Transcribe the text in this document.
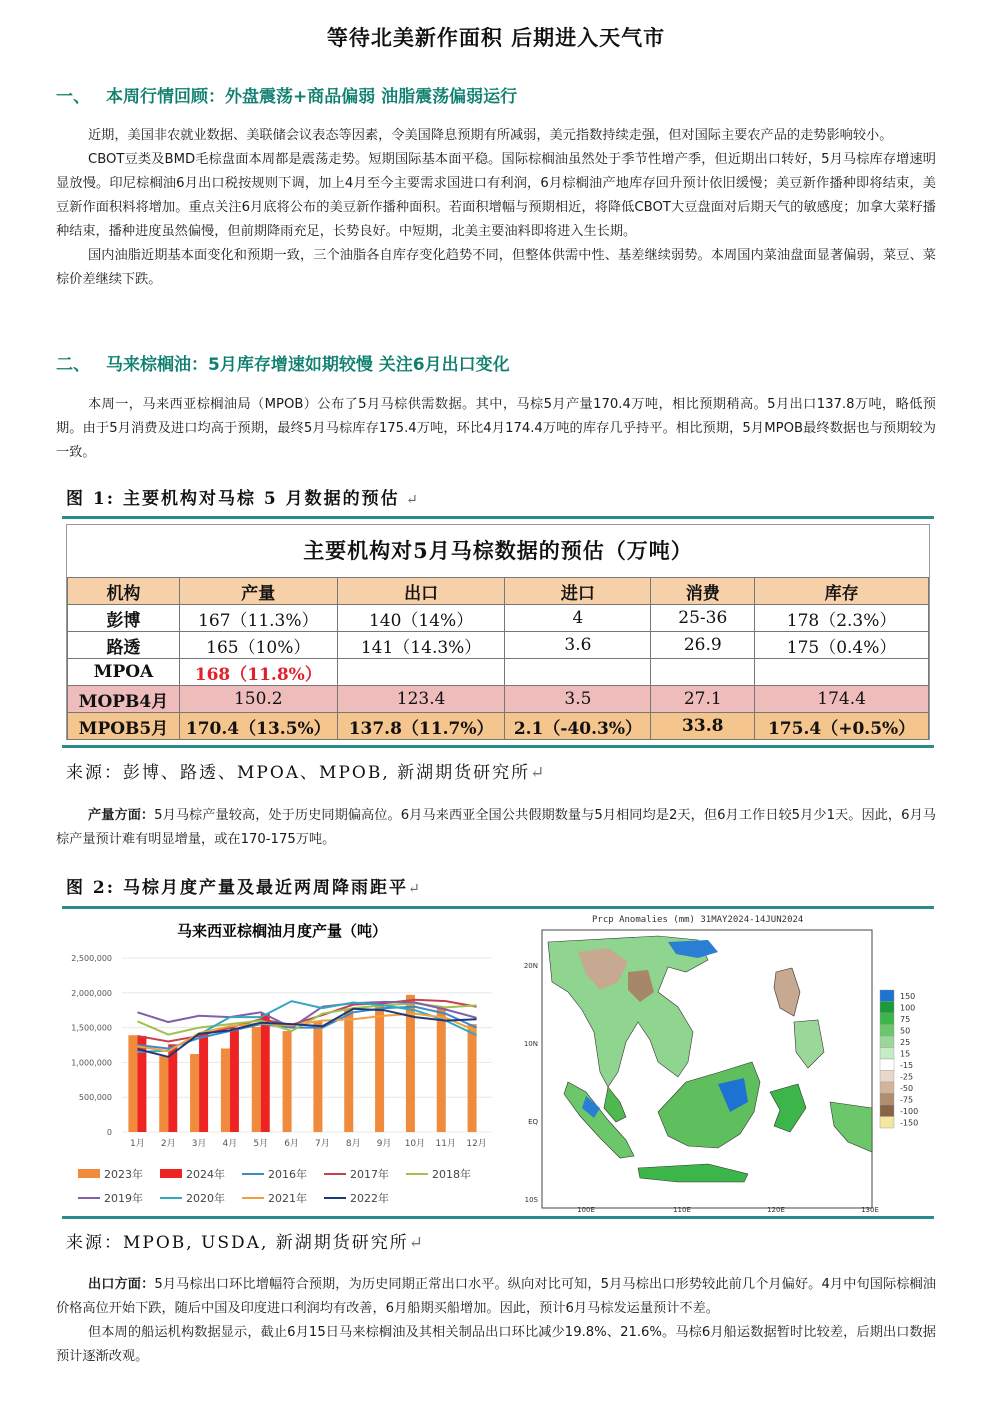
等待北美新作面积 后期进入天气市
一、 本周行情回顾：外盘震荡+商品偏弱 油脂震荡偏弱运行

近期，美国非农就业数据、美联储会议表态等因素，令美国降息预期有所减弱，美元指数持续走强，但对国际主要农产品的走势影响较小。

CBOT豆类及BMD毛棕盘面本周都是震荡走势。短期国际基本面平稳。国际棕榈油虽然处于季节性增产季，但近期出口转好，5月马棕库存增速明显放慢。印尼棕榈油6月出口税按规则下调，加上4月至今主要需求国进口有利润，6月棕榈油产地库存回升预计依旧缓慢；美豆新作播种即将结束，美豆新作面积料将增加。重点关注6月底将公布的美豆新作播种面积。若面积增幅与预期相近，将降低CBOT大豆盘面对后期天气的敏感度；加拿大菜籽播种结束，播种进度虽然偏慢，但前期降雨充足，长势良好。中短期，北美主要油料即将进入生长期。

国内油脂近期基本面变化和预期一致，三个油脂各自库存变化趋势不同，但整体供需中性、基差继续弱势。本周国内菜油盘面显著偏弱，菜豆、菜棕价差继续下跌。

二、 马来棕榈油：5月库存增速如期较慢 关注6月出口变化

本周一，马来西亚棕榈油局（MPOB）公布了5月马棕供需数据。其中，马棕5月产量170.4万吨，相比预期稍高。5月出口137.8万吨，略低预期。由于5月消费及进口均高于预期，最终5月马棕库存175.4万吨，环比4月174.4万吨的库存几乎持平。相比预期，5月MPOB最终数据也与预期较为一致。

图 1: 主要机构对马棕 5 月数据的预估 ↵
主要机构对5月马棕数据的预估（万吨）
机构	产量	出口	进口	消费	库存
彭博	167（11.3%）	140（14%）	4	25-36	178（2.3%）
路透	165（10%）	141（14.3%）	3.6	26.9	175（0.4%）
MPOA	168（11.8%）				
MOPB4月	150.2	123.4	3.5	27.1	174.4
MPOB5月	170.4（13.5%）	137.8（11.7%）	2.1（-40.3%）	33.8	175.4（+0.5%）
来源：彭博、路透、MPOA、MPOB, 新湖期货研究所↵

产量方面：5月马棕产量较高，处于历史同期偏高位。6月马来西亚全国公共假期数量与5月相同均是2天，但6月工作日较5月少1天。因此，6月马棕产量预计难有明显增量，或在170-175万吨。

图 2: 马棕月度产量及最近两周降雨距平↵
马来西亚棕榈油月度产量（吨）
0
500,000
1,000,000
1,500,000
2,000,000
2,500,000
1月 2月 3月 4月 5月 6月 7月 8月 9月 10月 11月 12月
2023年	2024年	2016年	2017年	2018年
2019年	2020年	2021年	2022年
Prcp Anomalies (mm) 31MAY2024-14JUN2024
20N
10N
EQ
10S
100E	110E	120E	130E
150
100
75
50
25
15
-15
-25
-50
-75
-100
-150
来源：MPOB, USDA, 新湖期货研究所↵

出口方面：5月马棕出口环比增幅符合预期，为历史同期正常出口水平。纵向对比可知，5月马棕出口形势较此前几个月偏好。4月中旬国际棕榈油价格高位开始下跌，随后中国及印度进口利润均有改善，6月船期买船增加。因此，预计6月马棕发运量预计不差。

但本周的船运机构数据显示，截止6月15日马来棕榈油及其相关制品出口环比减少19.8%、21.6%。马棕6月船运数据暂时比较差，后期出口数据预计逐渐改观。
